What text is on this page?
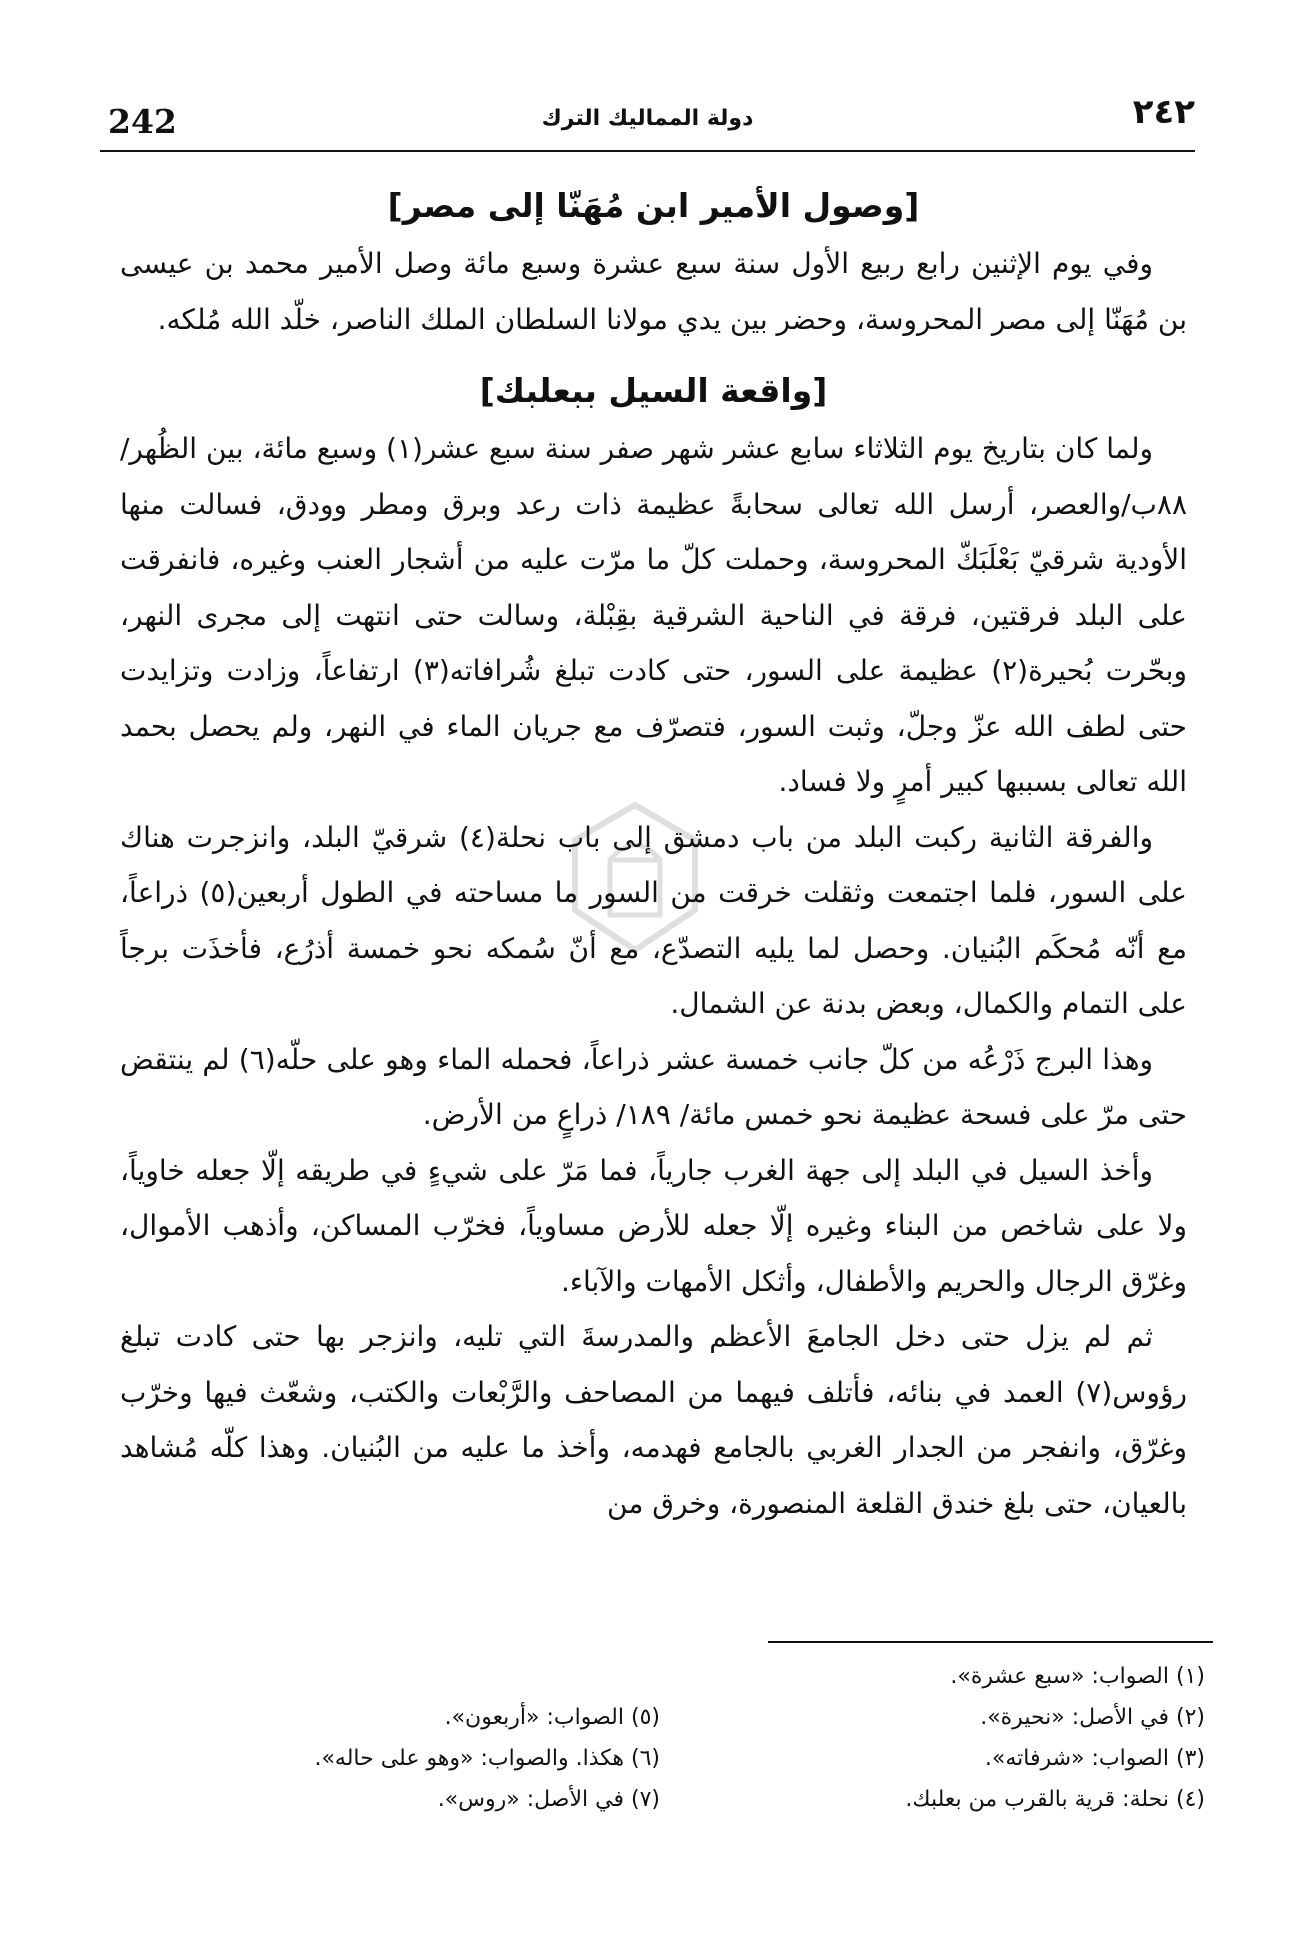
242	دولة المماليك الترك	٢٤٢
[وصول الأمير ابن مُهَنّا إلى مصر]

وفي يوم الإثنين رابع ربيع الأول سنة سبع عشرة وسبع مائة وصل الأمير محمد بن عيسى بن مُهَنّا إلى مصر المحروسة، وحضر بين يدي مولانا السلطان الملك الناصر، خلّد الله مُلكه.

[واقعة السيل ببعلبك]

ولما كان بتاريخ يوم الثلاثاء سابع عشر شهر صفر سنة سبع عشر(١) وسبع مائة، بين الظُهر/٨٨ب/والعصر، أرسل الله تعالى سحابةً عظيمة ذات رعد وبرق ومطر وودق، فسالت منها الأودية شرقيّ بَعْلَبَكّ المحروسة، وحملت كلّ ما مرّت عليه من أشجار العنب وغيره، فانفرقت على البلد فرقتين، فرقة في الناحية الشرقية بقِبْلة، وسالت حتى انتهت إلى مجرى النهر، وبحّرت بُحيرة(٢) عظيمة على السور، حتى كادت تبلغ شُرافاته(٣) ارتفاعاً، وزادت وتزايدت حتى لطف الله عزّ وجلّ، وثبت السور، فتصرّف مع جريان الماء في النهر، ولم يحصل بحمد الله تعالى بسببها كبير أمرٍ ولا فساد.

والفرقة الثانية ركبت البلد من باب دمشق إلى باب نحلة(٤) شرقيّ البلد، وانزجرت هناك على السور، فلما اجتمعت وثقلت خرقت من السور ما مساحته في الطول أربعين(٥) ذراعاً، مع أنّه مُحكَم البُنيان. وحصل لما يليه التصدّع، مع أنّ سُمكه نحو خمسة أذرُع، فأخذَت برجاً على التمام والكمال، وبعض بدنة عن الشمال.

وهذا البرج ذَرْعُه من كلّ جانب خمسة عشر ذراعاً، فحمله الماء وهو على حلّه(٦) لم ينتقض حتى مرّ على فسحة عظيمة نحو خمس مائة/ ١٨٩/ ذراعٍ من الأرض.

وأخذ السيل في البلد إلى جهة الغرب جارياً، فما مَرّ على شيءٍ في طريقه إلّا جعله خاوياً، ولا على شاخص من البناء وغيره إلّا جعله للأرض مساوياً، فخرّب المساكن، وأذهب الأموال، وغرّق الرجال والحريم والأطفال، وأثكل الأمهات والآباء.

ثم لم يزل حتى دخل الجامعَ الأعظم والمدرسةَ التي تليه، وانزجر بها حتى كادت تبلغ رؤوس(٧) العمد في بنائه، فأتلف فيهما من المصاحف والرَّبْعات والكتب، وشعّث فيها وخرّب وغرّق، وانفجر من الجدار الغربي بالجامع فهدمه، وأخذ ما عليه من البُنيان. وهذا كلّه مُشاهد بالعيان، حتى بلغ خندق القلعة المنصورة، وخرق من

(١) الصواب: «سبع عشرة».
(٢) في الأصل: «نحيرة».
(٣) الصواب: «شرفاته».
(٤) نحلة: قرية بالقرب من بعلبك.
(٥) الصواب: «أربعون».
(٦) هكذا. والصواب: «وهو على حاله».
(٧) في الأصل: «روس».
